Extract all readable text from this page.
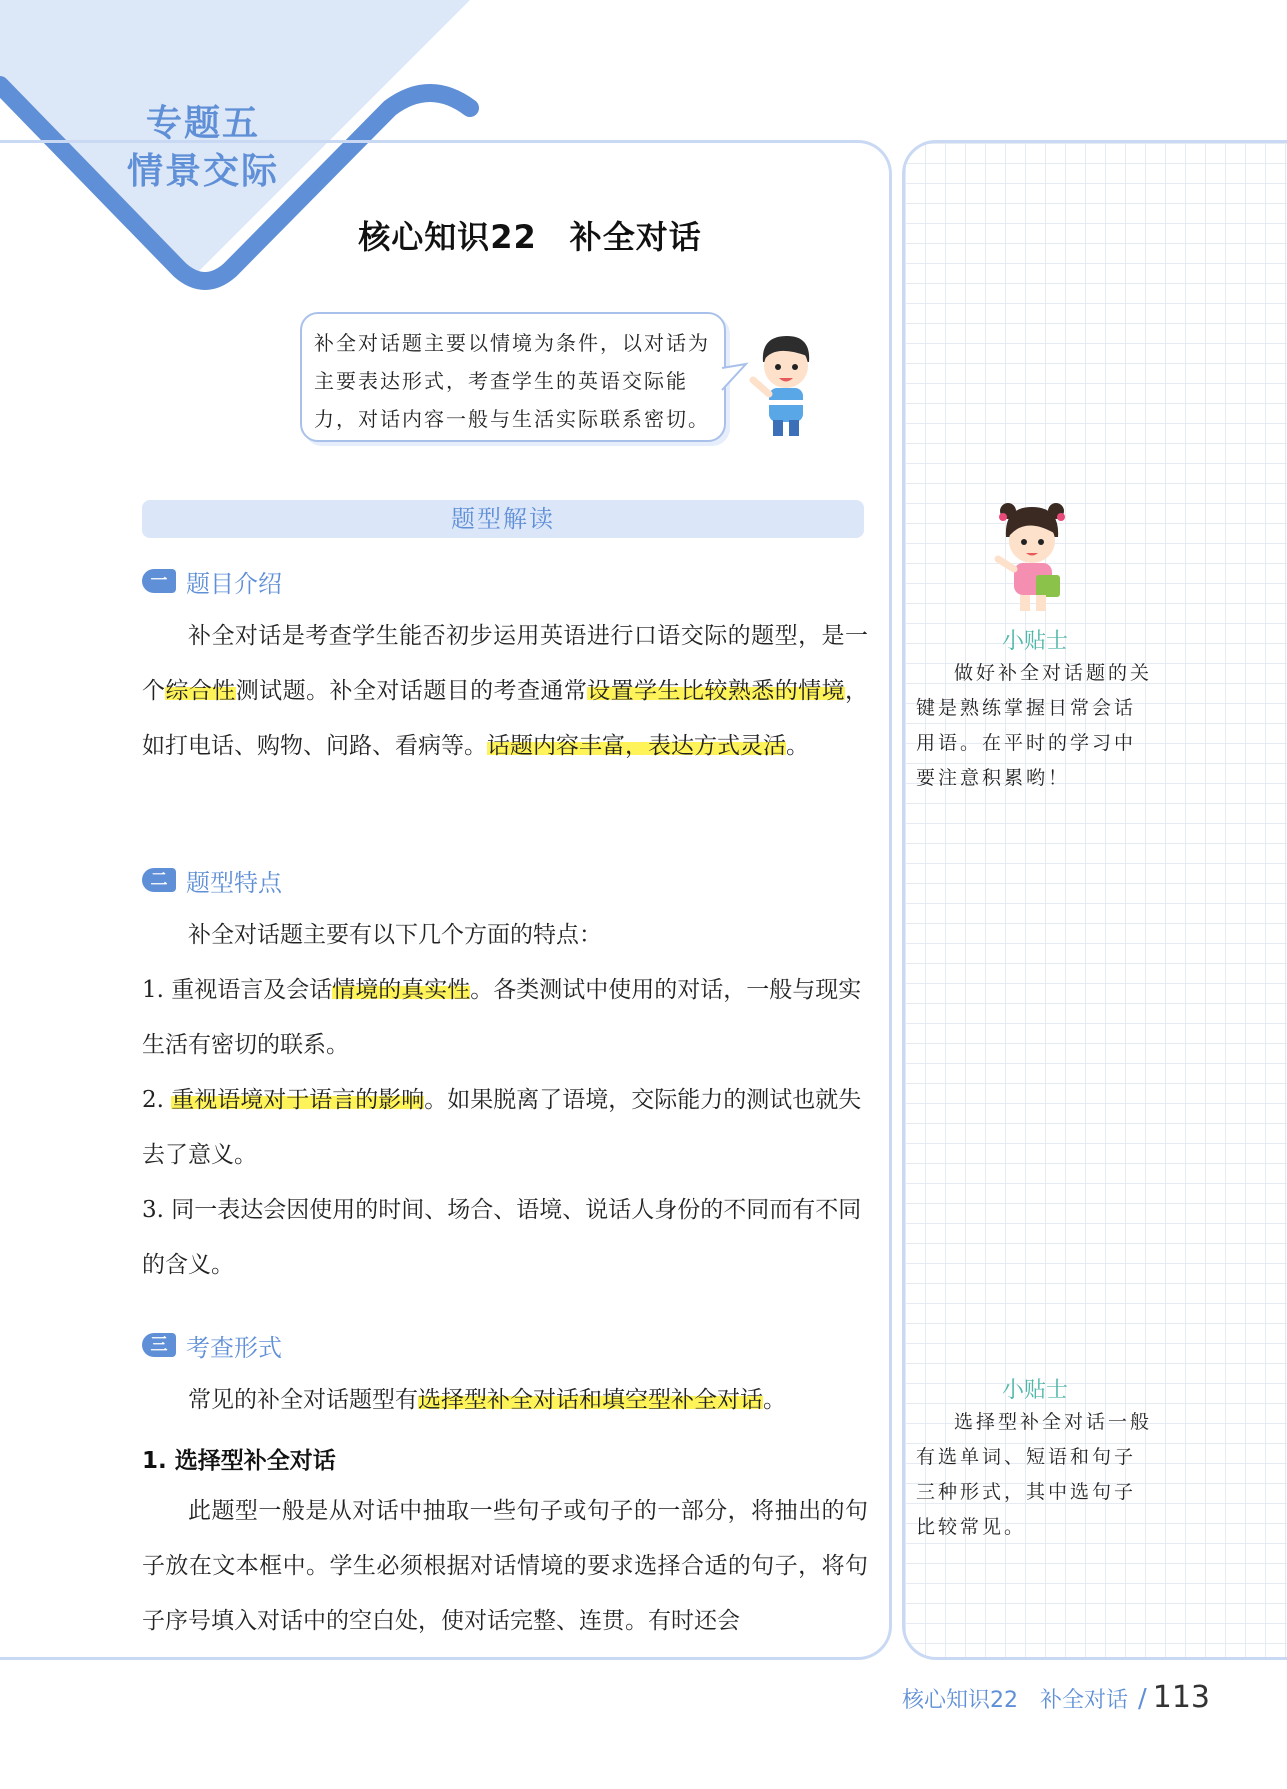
专题五
情景交际
核心知识22　补全对话
补全对话题主要以情境为条件，以对话为主要表达形式，考查学生的英语交际能力，对话内容一般与生活实际联系密切。
题型解读
一 题目介绍
补全对话是考查学生能否初步运用英语进行口语交际的题型，是一个综合性测试题。补全对话题目的考查通常设置学生比较熟悉的情境，如打电话、购物、问路、看病等。话题内容丰富，表达方式灵活。
二 题型特点
补全对话题主要有以下几个方面的特点：
1. 重视语言及会话情境的真实性。各类测试中使用的对话，一般与现实生活有密切的联系。
2. 重视语境对于语言的影响。如果脱离了语境，交际能力的测试也就失去了意义。
3. 同一表达会因使用的时间、场合、语境、说话人身份的不同而有不同的含义。
三 考查形式
常见的补全对话题型有选择型补全对话和填空型补全对话。
1. 选择型补全对话
此题型一般是从对话中抽取一些句子或句子的一部分，将抽出的句子放在文本框中。学生必须根据对话情境的要求选择合适的句子，将句子序号填入对话中的空白处，使对话完整、连贯。有时还会
小贴士
做好补全对话题的关键是熟练掌握日常会话用语。在平时的学习中要注意积累哟！
小贴士
选择型补全对话一般有选单词、短语和句子三种形式，其中选句子比较常见。
核心知识22　补全对话 / 113
